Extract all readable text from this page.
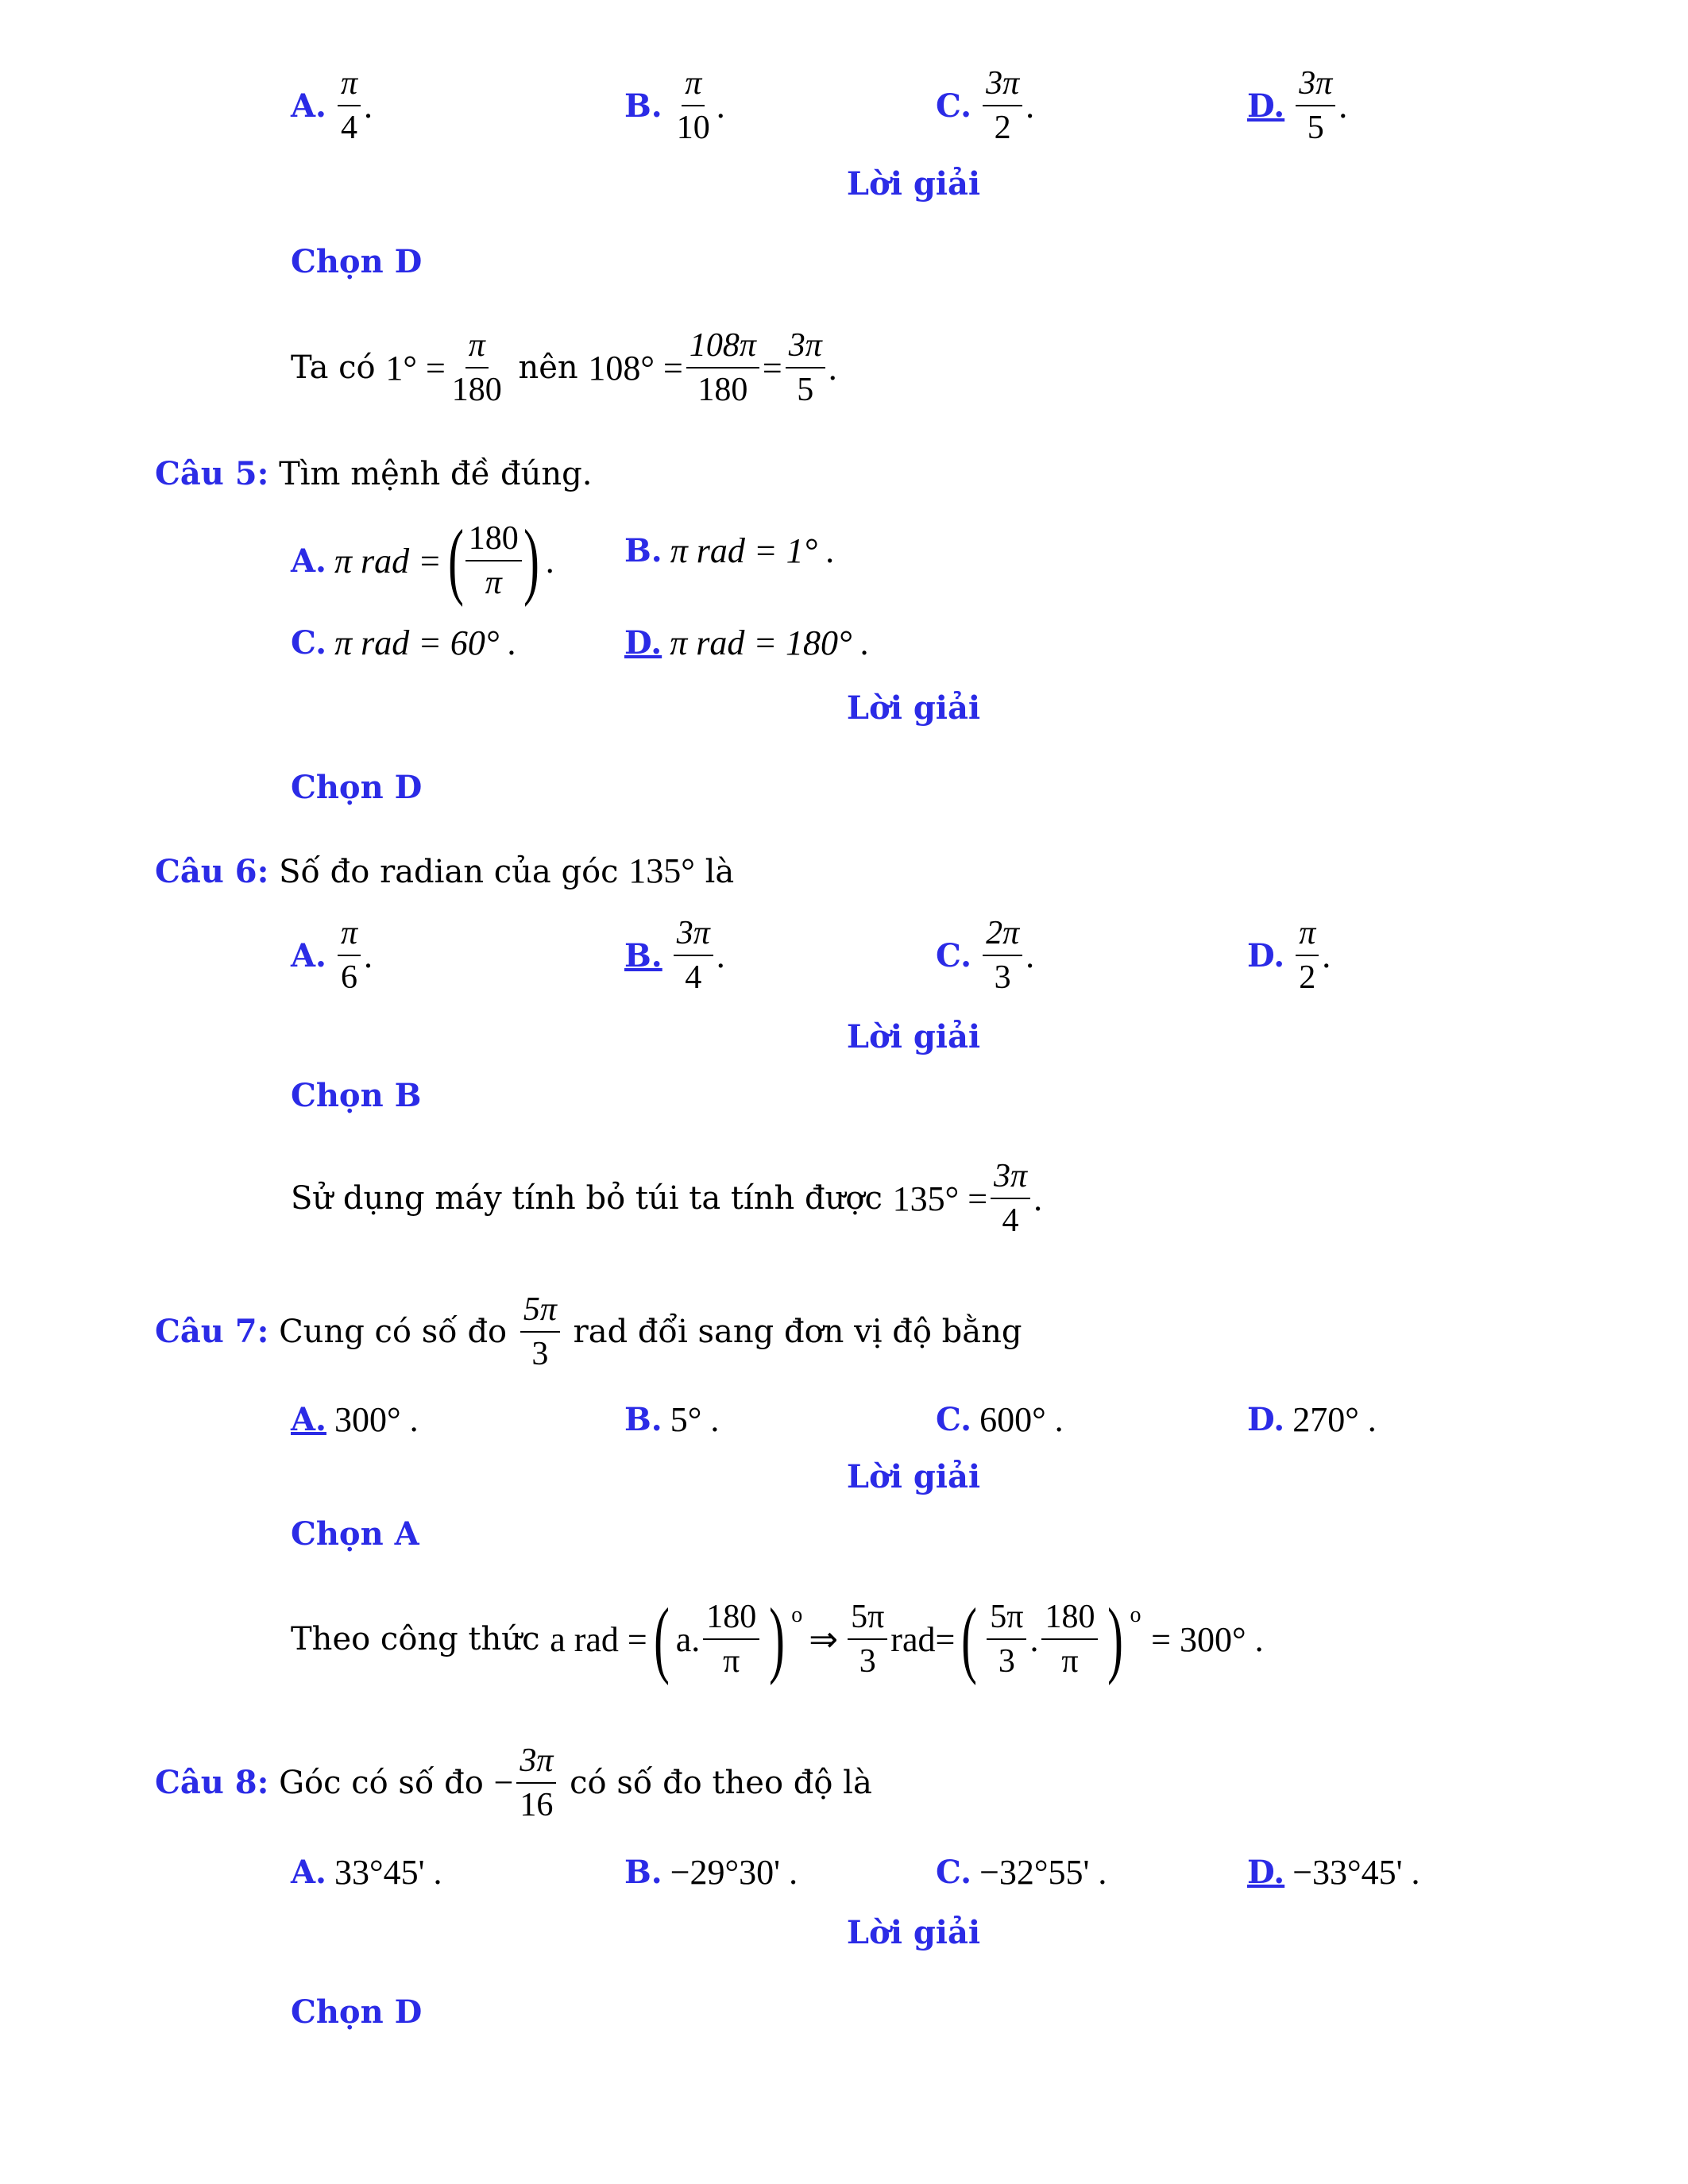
A. $\frac{\pi}{4}$ .	B. $\frac{\pi}{10}$ .	C. $\frac{3\pi}{2}$ .	D. $\frac{3\pi}{5}$ .
Lời giải
Chọn D
Ta có
$1^\circ = \frac{\pi}{180}$
nên
$108^\circ = \frac{108\pi}{180} = \frac{3\pi}{5}$ .
Câu 5: Tìm mệnh đề đúng.
A. π rad = ( $\frac{180}{\pi}$ ) . B. π rad = 1° .
C. π rad = 60° .	D. π rad = 180° .
Lời giải
Chọn D
Câu 6: Số đo radian của góc 135° là
A. $\frac{\pi}{6}$ .	B. $\frac{3\pi}{4}$ .	C. $\frac{2\pi}{3}$ .	D. $\frac{\pi}{2}$ .
Lời giải
Chọn B
Sử dụng máy tính bỏ túi ta tính được
$135^\circ = \frac{3\pi}{4}$ .
Câu 7:
Cung có số đo
$\frac{5\pi}{3}$
rad đổi sang đơn vị độ bằng
A. 300° .	B. 5° .	C. 600° .	D. 270° .
Lời giải
Chọn A
Theo công thức
a rad = ( a. $\frac{180}{\pi}$ ) o
⇒ $\frac{5\pi}{3} rad=$ ( $\frac{5\pi}{3}$ . $\frac{180}{\pi}$ ) o

= 300° .
Câu 8:
Góc có số đo
− $\frac{3\pi}{16}$
có số đo theo độ là
A. 33°45' .	B. −29°30' .	C. −32°55' .	D. −33°45' .
Lời giải
Chọn D
